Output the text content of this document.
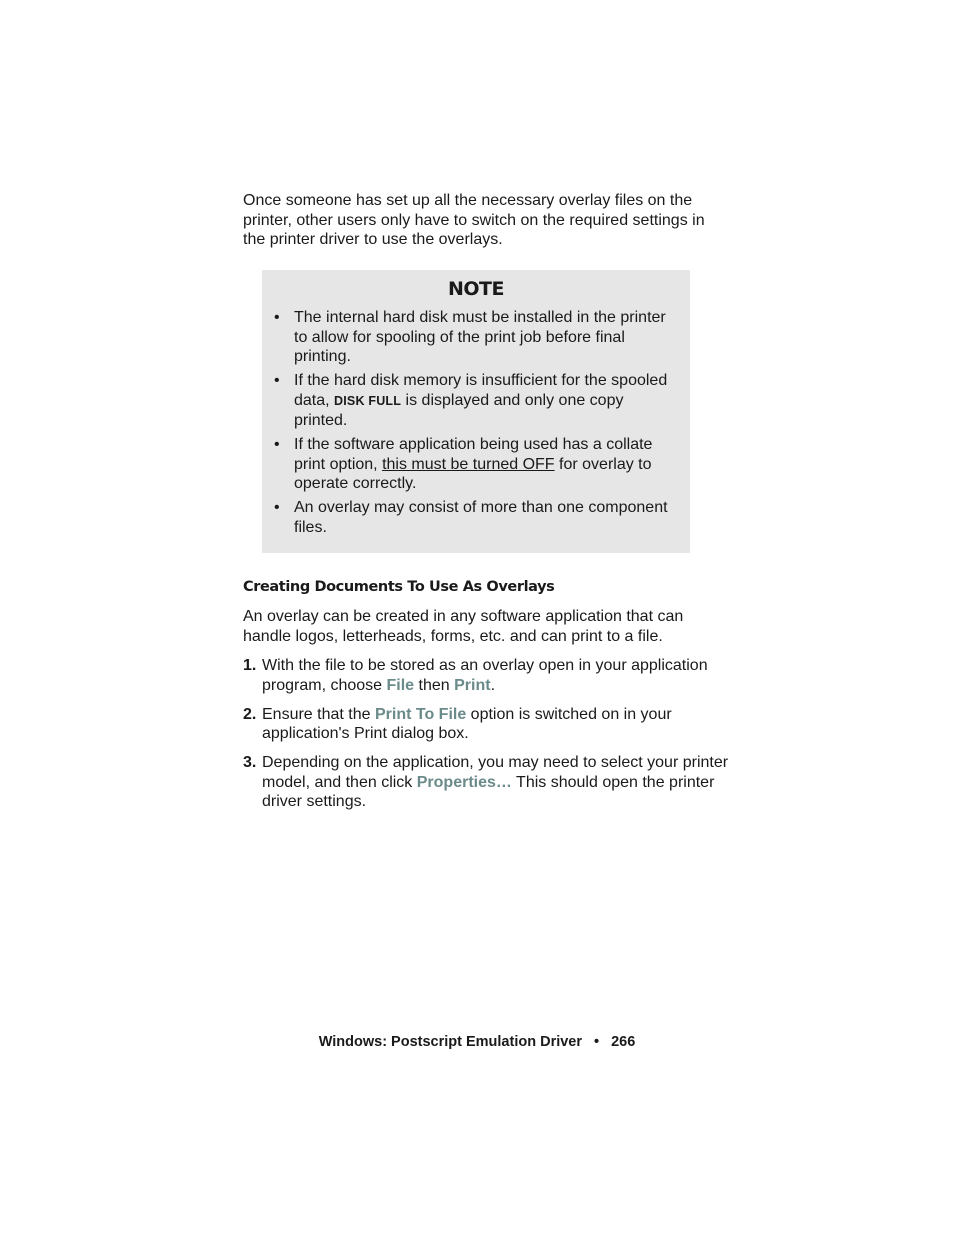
Once someone has set up all the necessary overlay files on the printer, other users only have to switch on the required settings in the printer driver to use the overlays.

NOTE
• The internal hard disk must be installed in the printer to allow for spooling of the print job before final printing.
• If the hard disk memory is insufficient for the spooled data, DISK FULL is displayed and only one copy printed.
• If the software application being used has a collate print option, this must be turned OFF for overlay to operate correctly.
• An overlay may consist of more than one component files.
Creating Documents To Use As Overlays

An overlay can be created in any software application that can handle logos, letterheads, forms, etc. and can print to a file.

1. With the file to be stored as an overlay open in your application program, choose File then Print.
2. Ensure that the Print To File option is switched on in your application's Print dialog box.
3. Depending on the application, you may need to select your printer model, and then click Properties… This should open the printer driver settings.
Windows: Postscript Emulation Driver • 266
